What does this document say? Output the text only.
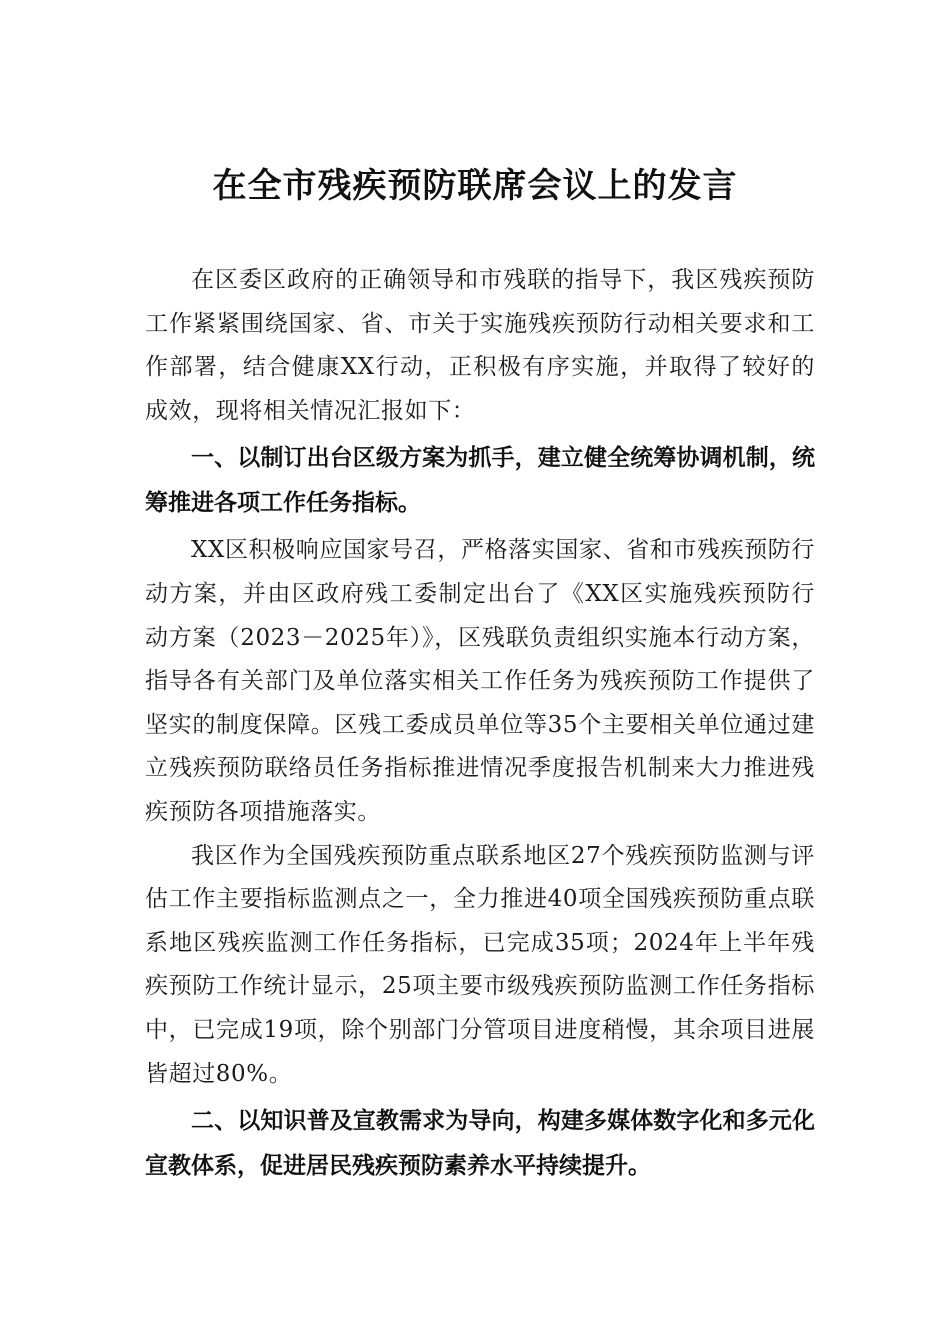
在全市残疾预防联席会议上的发言

在区委区政府的正确领导和市残联的指导下，我区残疾预防工作紧紧围绕国家、省、市关于实施残疾预防行动相关要求和工作部署，结合健康XX行动，正积极有序实施，并取得了较好的成效，现将相关情况汇报如下：

一、以制订出台区级方案为抓手，建立健全统筹协调机制，统筹推进各项工作任务指标。

XX区积极响应国家号召，严格落实国家、省和市残疾预防行动方案，并由区政府残工委制定出台了《XX区实施残疾预防行动方案（2023－2025年）》，区残联负责组织实施本行动方案，指导各有关部门及单位落实相关工作任务为残疾预防工作提供了坚实的制度保障。区残工委成员单位等35个主要相关单位通过建立残疾预防联络员任务指标推进情况季度报告机制来大力推进残疾预防各项措施落实。

我区作为全国残疾预防重点联系地区27个残疾预防监测与评估工作主要指标监测点之一，全力推进40项全国残疾预防重点联系地区残疾监测工作任务指标，已完成35项；2024年上半年残疾预防工作统计显示，25项主要市级残疾预防监测工作任务指标中，已完成19项，除个别部门分管项目进度稍慢，其余项目进展皆超过80%。

二、以知识普及宣教需求为导向，构建多媒体数字化和多元化宣教体系，促进居民残疾预防素养水平持续提升。
